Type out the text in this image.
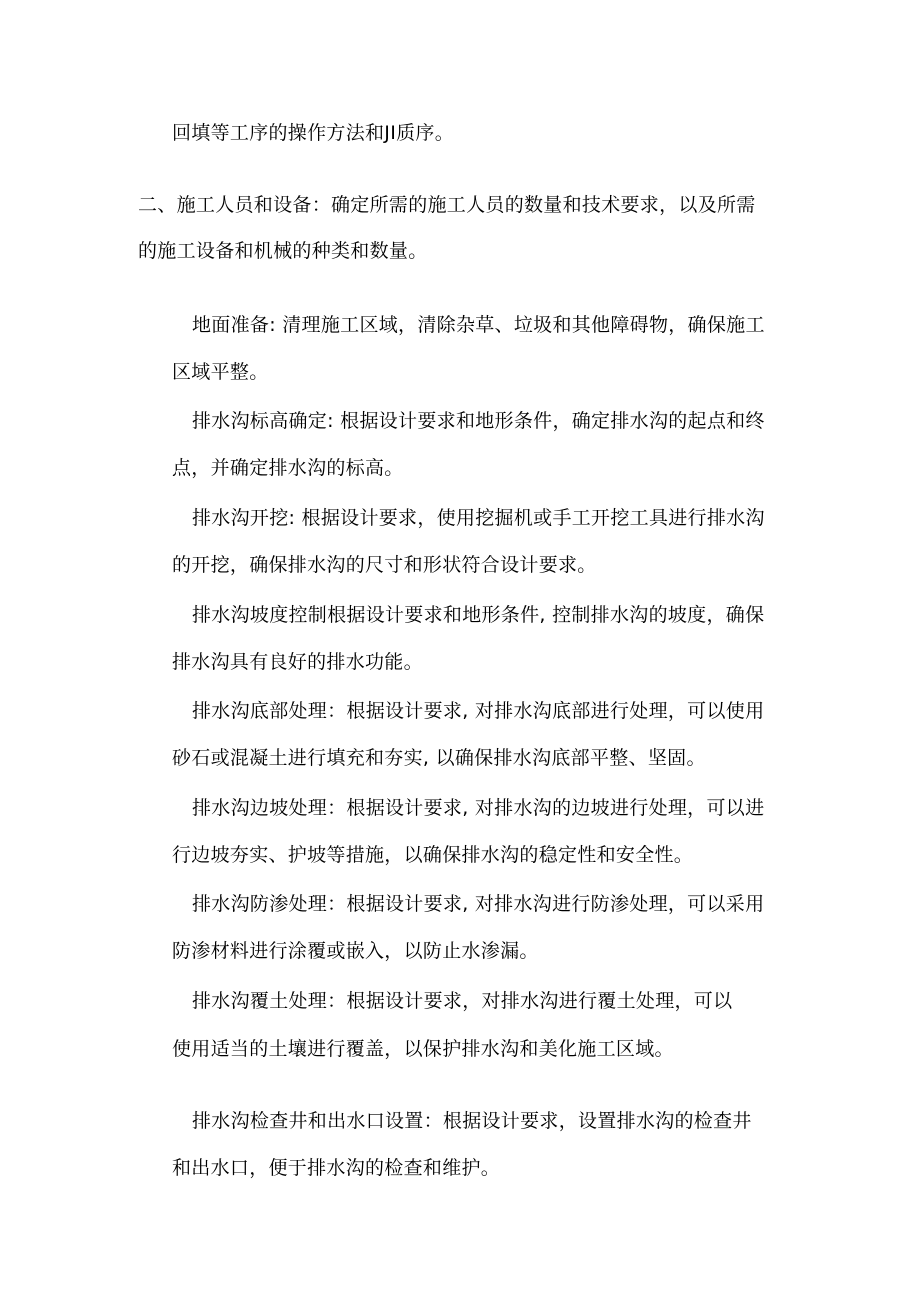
回填等工序的操作方法和JI质序。
二、施工人员和设备：确定所需的施工人员的数量和技术要求，以及所需
的施工设备和机械的种类和数量。
地面准备: 清理施工区域，清除杂草、垃圾和其他障碍物，确保施工
区域平整。
排水沟标高确定: 根据设计要求和地形条件，确定排水沟的起点和终
点，并确定排水沟的标高。
排水沟开挖: 根据设计要求，使用挖掘机或手工开挖工具进行排水沟
的开挖，确保排水沟的尺寸和形状符合设计要求。
排水沟坡度控制根据设计要求和地形条件, 控制排水沟的坡度，确保
排水沟具有良好的排水功能。
排水沟底部处理：根据设计要求, 对排水沟底部进行处理，可以使用
砂石或混凝土进行填充和夯实, 以确保排水沟底部平整、坚固。
排水沟边坡处理：根据设计要求, 对排水沟的边坡进行处理，可以进
行边坡夯实、护坡等措施，以确保排水沟的稳定性和安全性。
排水沟防渗处理：根据设计要求, 对排水沟进行防渗处理，可以采用
防渗材料进行涂覆或嵌入，以防止水渗漏。
排水沟覆土处理：根据设计要求，对排水沟进行覆土处理，可以
使用适当的土壤进行覆盖，以保护排水沟和美化施工区域。
排水沟检查井和出水口设置：根据设计要求，设置排水沟的检查井
和出水口，便于排水沟的检查和维护。
